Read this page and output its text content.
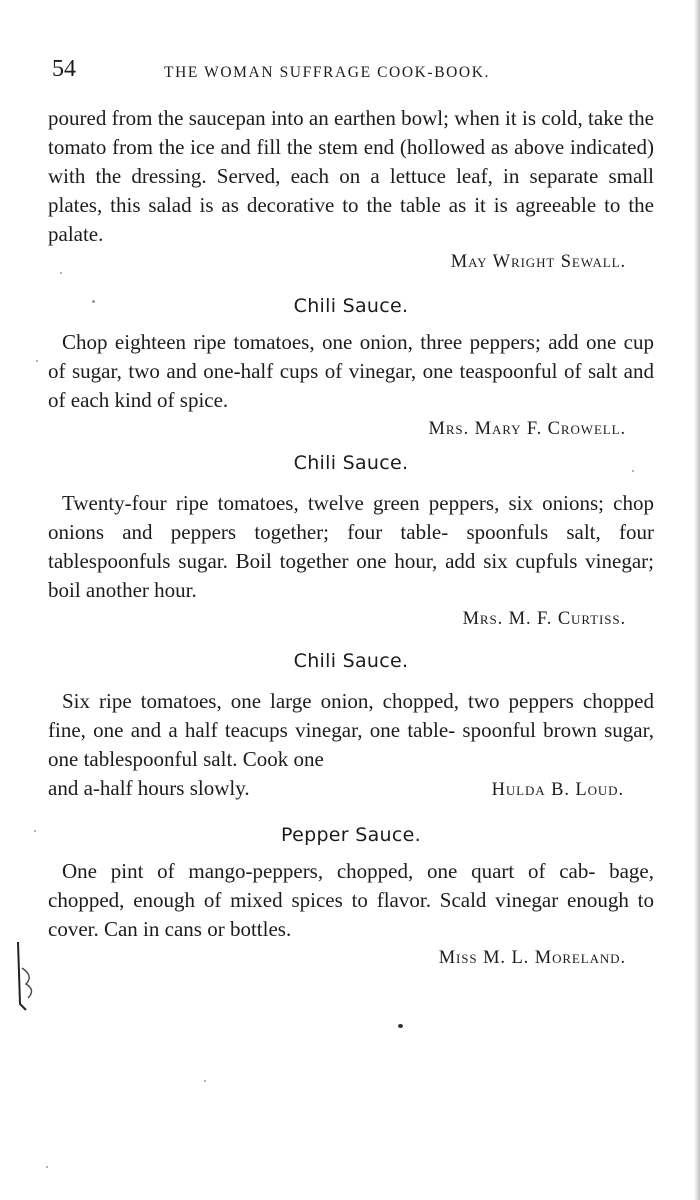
54	THE WOMAN SUFFRAGE COOK-BOOK.

poured from the saucepan into an earthen bowl; when it is cold, take the tomato from the ice and fill the stem end (hollowed as above indicated) with the dressing. Served, each on a lettuce leaf, in separate small plates, this salad is as decorative to the table as it is agreeable to the palate.

May Wright Sewall.

Chili Sauce.

Chop eighteen ripe tomatoes, one onion, three peppers; add one cup of sugar, two and one-half cups of vinegar, one teaspoonful of salt and of each kind of spice.

Mrs. Mary F. Crowell.

Chili Sauce.

Twenty-four ripe tomatoes, twelve green peppers, six onions; chop onions and peppers together; four table- spoonfuls salt, four tablespoonfuls sugar. Boil together one hour, add six cupfuls vinegar; boil another hour.

Mrs. M. F. Curtiss.

Chili Sauce.

Six ripe tomatoes, one large onion, chopped, two peppers chopped fine, one and a half teacups vinegar, one table- spoonful brown sugar, one tablespoonful salt. Cook one

and a-half hours slowly.	Hulda B. Loud.

Pepper Sauce.

One pint of mango-peppers, chopped, one quart of cab- bage, chopped, enough of mixed spices to flavor. Scald vinegar enough to cover. Can in cans or bottles.

Miss M. L. Moreland.
